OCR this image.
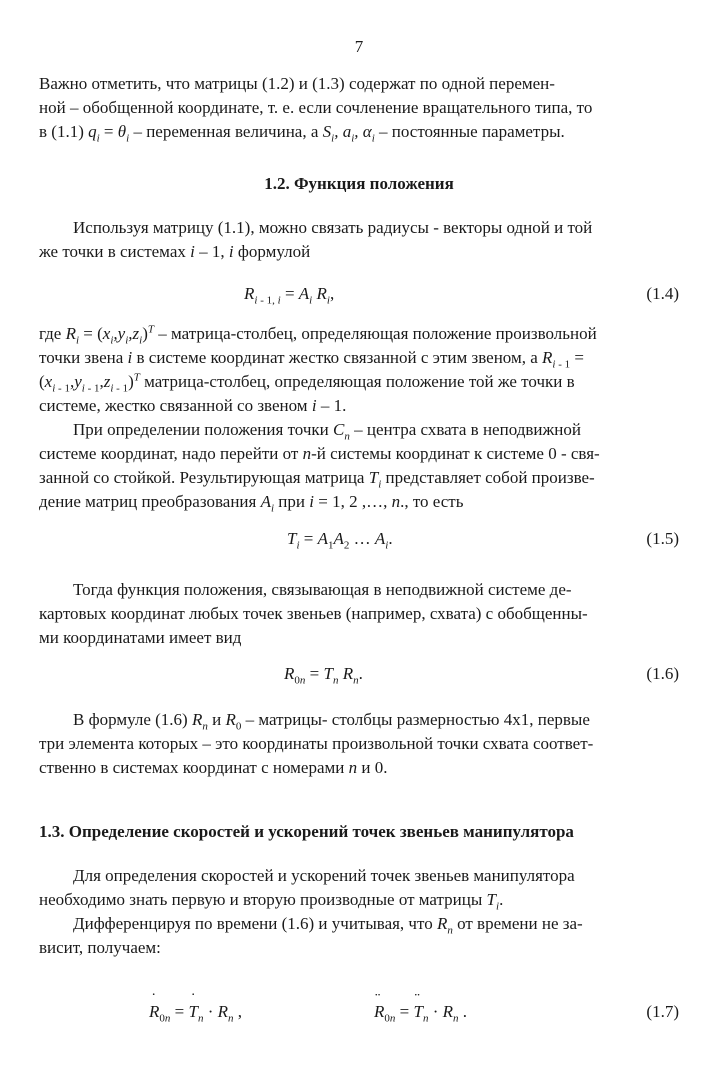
7
Важно отметить, что матрицы (1.2) и (1.3) содержат по одной перемен-
ной – обобщенной координате, т. е. если сочленение вращательного типа, то
в (1.1) $q_i = \theta_i$ – переменная величина, а $S_i$, $a_i$, $\alpha_i$ – постоянные параметры.
1.2. Функция положения
Используя матрицу (1.1), можно связать радиусы - векторы одной и той
же точки в системах i – 1, i формулой
$R_{i - 1, i} = A_i$ $R_i$,	(1.4)
где $R_i = (x_i,y_i,z_i)^T$ – матрица-столбец, определяющая положение произвольной
точки звена i в системе координат жестко связанной с этим звеном, а $R_{i - 1}$ =
$(x_{i - 1},y_{i - 1},z_{i - 1})^T$ матрица-столбец, определяющая положение той же точки в
системе, жестко связанной со звеном i – 1.
При определении положения точки $C_n$ – центра схвата в неподвижной
системе координат, надо перейти от n-й системы координат к системе 0 - свя-
занной со стойкой. Результирующая матрица $T_i$ представляет собой произве-
дение матриц преобразования $A_i$ при i = 1, 2 ,…, n., то есть
$T_i = A_1A_2$ … $A_i$.	(1.5)
Тогда функция положения, связывающая в неподвижной системе де-
картовых координат любых точек звеньев (например, схвата) с обобщенны-
ми координатами имеет вид
$R_{0n} = T_n$ $R_n$.	(1.6)
В формуле (1.6) $R_n$ и $R_0$ – матрицы- столбцы размерностью 4х1, первые
три элемента которых – это координаты произвольной точки схвата соответ-
ственно в системах координат с номерами n и 0.
1.3. Определение скоростей и ускорений точек звеньев манипулятора
Для определения скоростей и ускорений точек звеньев манипулятора
необходимо знать первую и вторую производные от матрицы $T_i$.
Дифференцируя по времени (1.6) и учитывая, что $R_n$ от времени не за-
висит, получаем:
˙ $R_{0n}$ = ˙ $T_n \cdot R_n$ ,
¨	$R_{0n}$ = ¨ $T_n \cdot R_n$ .	(1.7)
